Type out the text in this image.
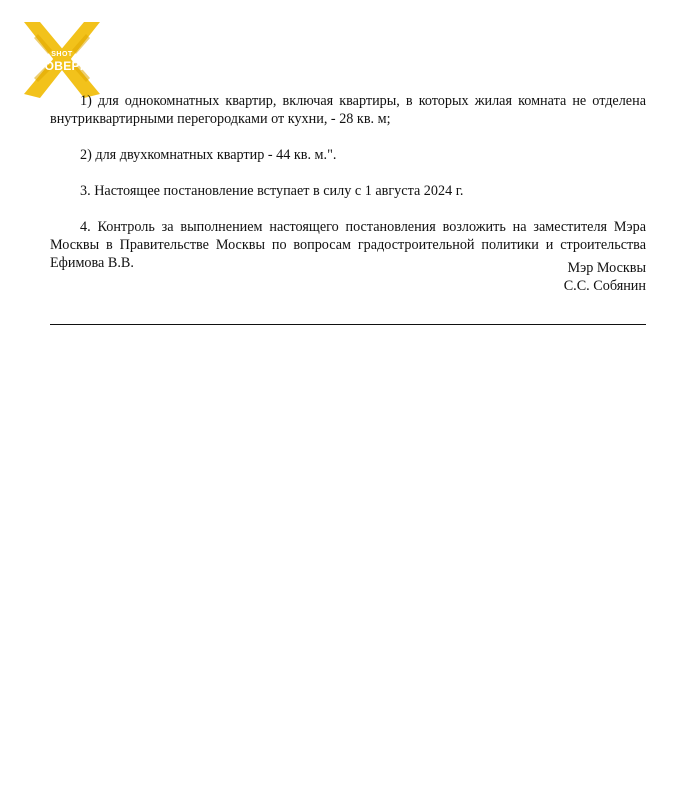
SHOT
ПРОВЕРКА

1) для однокомнатных квартир, включая квартиры, в которых жилая комната не отделена внутриквартирными перегородками от кухни, - 28 кв. м;

2) для двухкомнатных квартир - 44 кв. м.".

3. Настоящее постановление вступает в силу с 1 августа 2024 г.

4. Контроль за выполнением настоящего постановления возложить на заместителя Мэра Москвы в Правительстве Москвы по вопросам градостроительной политики и строительства Ефимова В.В.	Мэр Москвы
С.С. Собянин
